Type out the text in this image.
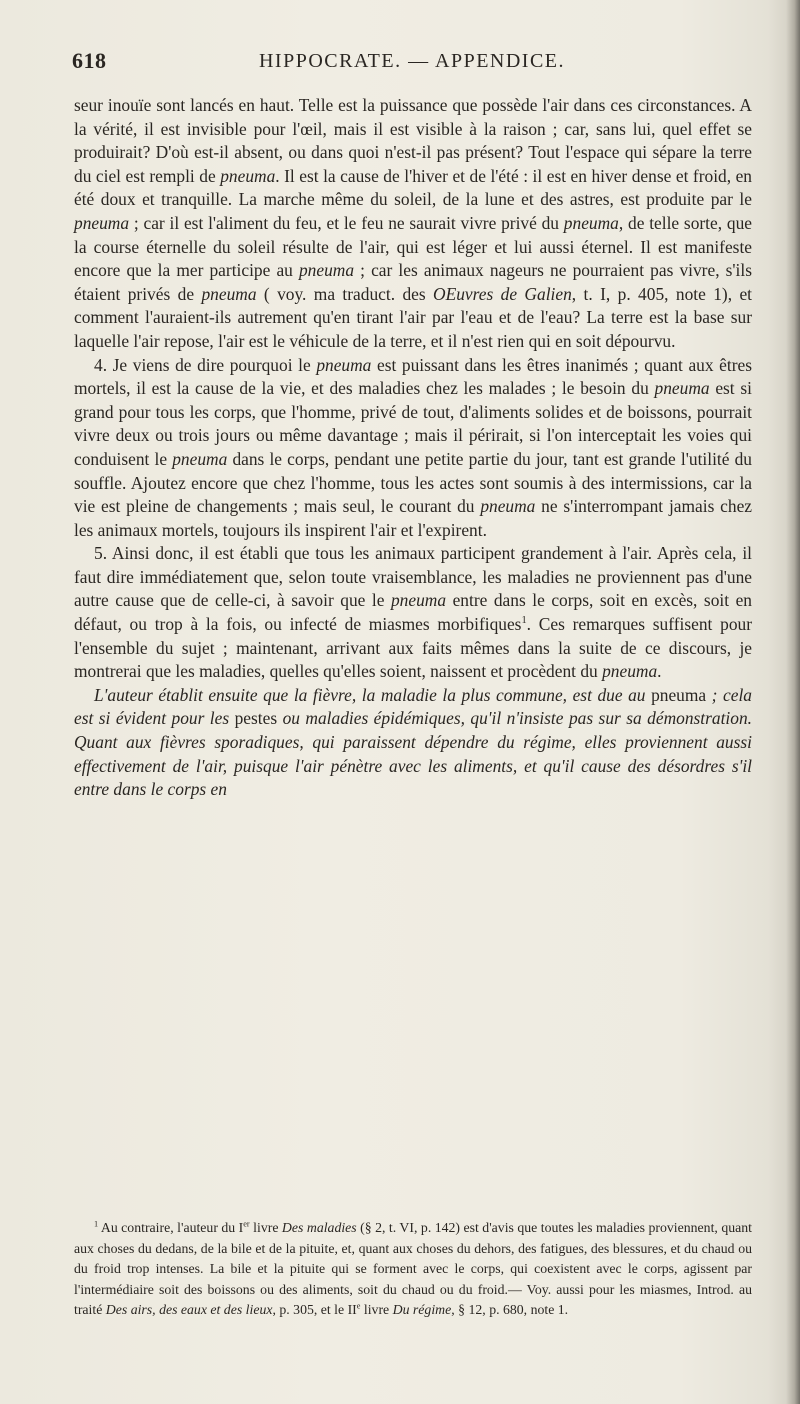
618	HIPPOCRATE. — APPENDICE.

seur inouïe sont lancés en haut. Telle est la puissance que possède l'air dans ces circonstances. A la vérité, il est invisible pour l'œil, mais il est visible à la raison ; car, sans lui, quel effet se produirait? D'où est-il absent, ou dans quoi n'est-il pas présent? Tout l'espace qui sépare la terre du ciel est rempli de pneuma. Il est la cause de l'hiver et de l'été : il est en hiver dense et froid, en été doux et tranquille. La marche même du soleil, de la lune et des astres, est produite par le pneuma ; car il est l'aliment du feu, et le feu ne saurait vivre privé du pneuma, de telle sorte, que la course éternelle du soleil résulte de l'air, qui est léger et lui aussi éternel. Il est manifeste encore que la mer participe au pneuma ; car les animaux nageurs ne pourraient pas vivre, s'ils étaient privés de pneuma ( voy. ma traduct. des OEuvres de Galien, t. I, p. 405, note 1), et comment l'auraient-ils autrement qu'en tirant l'air par l'eau et de l'eau? La terre est la base sur laquelle l'air repose, l'air est le véhicule de la terre, et il n'est rien qui en soit dépourvu.

4. Je viens de dire pourquoi le pneuma est puissant dans les êtres inanimés ; quant aux êtres mortels, il est la cause de la vie, et des maladies chez les malades ; le besoin du pneuma est si grand pour tous les corps, que l'homme, privé de tout, d'aliments solides et de boissons, pourrait vivre deux ou trois jours ou même davantage ; mais il périrait, si l'on interceptait les voies qui conduisent le pneuma dans le corps, pendant une petite partie du jour, tant est grande l'utilité du souffle. Ajoutez encore que chez l'homme, tous les actes sont soumis à des intermissions, car la vie est pleine de changements ; mais seul, le courant du pneuma ne s'interrompant jamais chez les animaux mortels, toujours ils inspirent l'air et l'expirent.

5. Ainsi donc, il est établi que tous les animaux participent grandement à l'air. Après cela, il faut dire immédiatement que, selon toute vraisemblance, les maladies ne proviennent pas d'une autre cause que de celle-ci, à savoir que le pneuma entre dans le corps, soit en excès, soit en défaut, ou trop à la fois, ou infecté de miasmes morbifiques$^1$. Ces remarques suffisent pour l'ensemble du sujet ; maintenant, arrivant aux faits mêmes dans la suite de ce discours, je montrerai que les maladies, quelles qu'elles soient, naissent et procèdent du pneuma.

L'auteur établit ensuite que la fièvre, la maladie la plus commune, est due au pneuma ; cela est si évident pour les pestes ou maladies épidémiques, qu'il n'insiste pas sur sa démonstration. Quant aux fièvres sporadiques, qui paraissent dépendre du régime, elles proviennent aussi effectivement de l'air, puisque l'air pénètre avec les aliments, et qu'il cause des désordres s'il entre dans le corps en

$^1$ Au contraire, l'auteur du Ier livre Des maladies (§ 2, t. VI, p. 142) est d'avis que toutes les maladies proviennent, quant aux choses du dedans, de la bile et de la pituite, et, quant aux choses du dehors, des fatigues, des blessures, et du chaud ou du froid trop intenses. La bile et la pituite qui se forment avec le corps, qui coexistent avec le corps, agissent par l'intermédiaire soit des boissons ou des aliments, soit du chaud ou du froid.— Voy. aussi pour les miasmes, Introd. au traité Des airs, des eaux et des lieux, p. 305, et le IIe livre Du régime, § 12, p. 680, note 1.
